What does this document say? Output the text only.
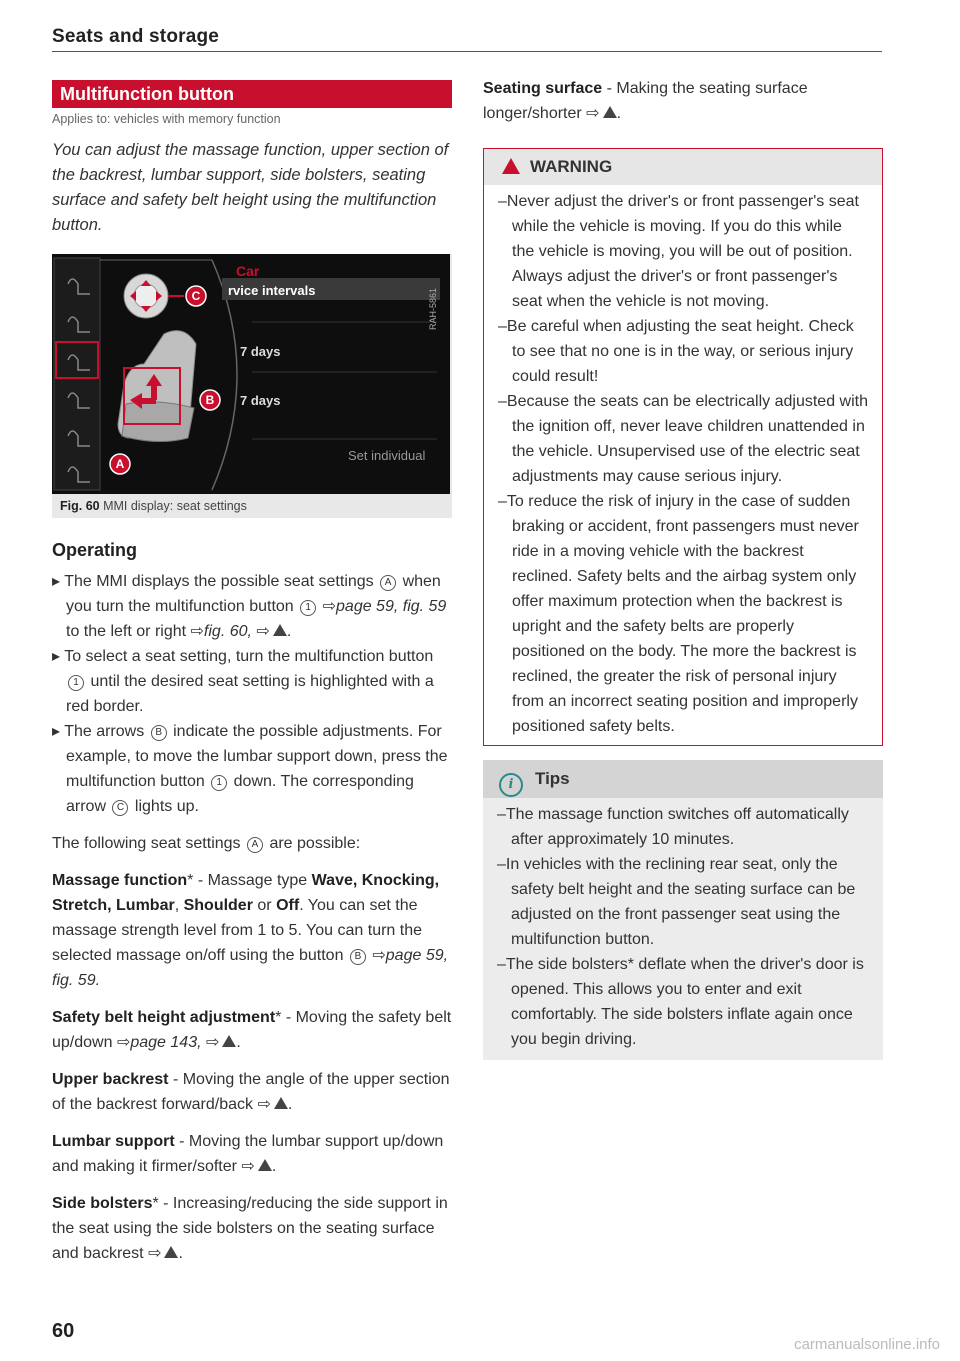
Seats and storage
Multifunction button
Applies to: vehicles with memory function
You can adjust the massage function, upper section of the backrest, lumbar support, side bolsters, seating surface and safety belt height using the multifunction button.
Car
rvice intervals
7 days
7 days
Set individual
RAH-5861
C
B
A
Fig. 60 MMI display: seat settings
Operating
▸ The MMI displays the possible seat settings A when you turn the multifunction button 1 ⇨page 59, fig. 59 to the left or right ⇨fig. 60, ⇨ .
▸ To select a seat setting, turn the multifunction button 1 until the desired seat setting is highlighted with a red border.
▸ The arrows B indicate the possible adjustments. For example, to move the lumbar support down, press the multifunction button 1 down. The corresponding arrow C lights up.

The following seat settings A are possible:

Massage function* - Massage type Wave, Knocking, Stretch, Lumbar, Shoulder or Off. You can set the massage strength level from 1 to 5. You can turn the selected massage on/off using the button B ⇨page 59, fig. 59.

Safety belt height adjustment* - Moving the safety belt up/down ⇨page 143, ⇨ .

Upper backrest - Moving the angle of the upper section of the backrest forward/back ⇨ .

Lumbar support - Moving the lumbar support up/down and making it firmer/softer ⇨ .

Side bolsters* - Increasing/reducing the side support in the seat using the side bolsters on the seating surface and backrest ⇨ .

Seating surface - Making the seating surface longer/shorter ⇨ .

WARNING
– Never adjust the driver's or front passenger's seat while the vehicle is moving. If you do this while the vehicle is moving, you will be out of position. Always adjust the driver's or front passenger's seat when the vehicle is not moving.
– Be careful when adjusting the seat height. Check to see that no one is in the way, or serious injury could result!
– Because the seats can be electrically adjusted with the ignition off, never leave children unattended in the vehicle. Unsupervised use of the electric seat adjustments may cause serious injury.
– To reduce the risk of injury in the case of sudden braking or accident, front passengers must never ride in a moving vehicle with the backrest reclined. Safety belts and the airbag system only offer maximum protection when the backrest is upright and the safety belts are properly positioned on the body. The more the backrest is reclined, the greater the risk of personal injury from an incorrect seating position and improperly positioned safety belts.
i Tips
– The massage function switches off automatically after approximately 10 minutes.
– In vehicles with the reclining rear seat, only the safety belt height and the seating surface can be adjusted on the front passenger seat using the multifunction button.
– The side bolsters* deflate when the driver's door is opened. This allows you to enter and exit comfortably. The side bolsters inflate again once you begin driving.
60
carmanualsonline.info
